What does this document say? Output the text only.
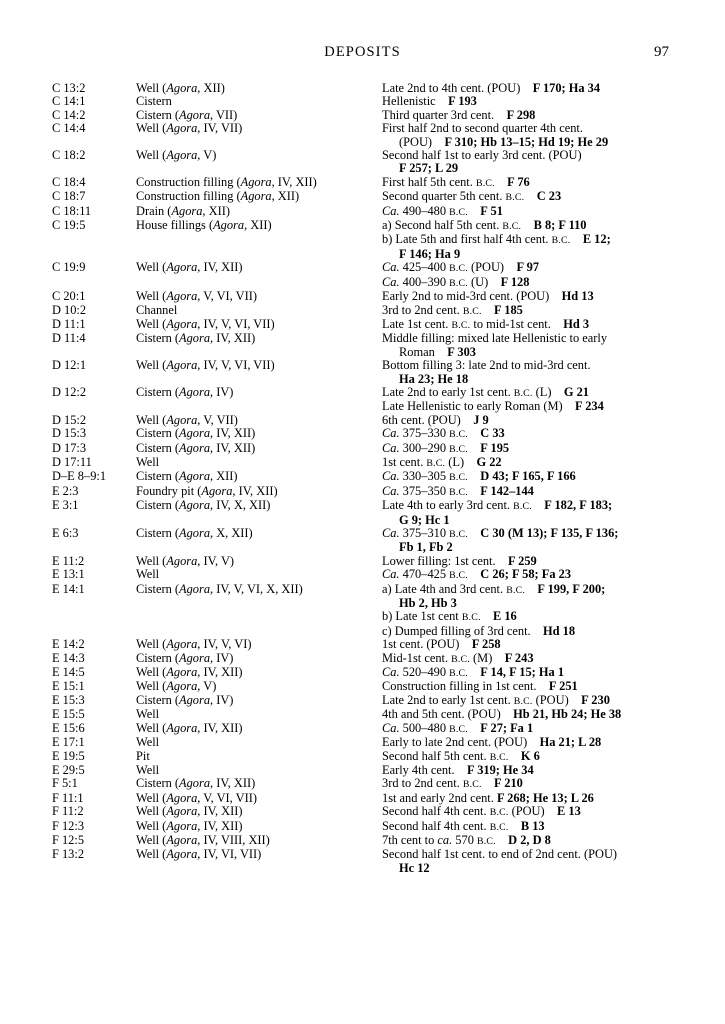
DEPOSITS	97
C 13:2	Well (Agora, XII)	Late 2nd to 4th cent. (POU) F 170; Ha 34
C 14:1	Cistern	Hellenistic F 193
C 14:2	Cistern (Agora, VII)	Third quarter 3rd cent. F 298
C 14:4	Well (Agora, IV, VII)	First half 2nd to second quarter 4th cent.
(POU) F 310; Hb 13–15; Hd 19; He 29
C 18:2	Well (Agora, V)	Second half 1st to early 3rd cent. (POU)
F 257; L 29
C 18:4	Construction filling (Agora, IV, XII)	First half 5th cent. B.C.  F 76
C 18:7	Construction filling (Agora, XII)	Second quarter 5th cent. B.C.  C 23
C 18:11	Drain (Agora, XII)	Ca. 490–480 B.C.  F 51
C 19:5	House fillings (Agora, XII)	a) Second half 5th cent. B.C.  B 8; F 110
b) Late 5th and first half 4th cent. B.C.  E 12;
F 146; Ha 9
C 19:9	Well (Agora, IV, XII)	Ca. 425–400 B.C. (POU) F 97
Ca. 400–390 B.C. (U) F 128
C 20:1	Well (Agora, V, VI, VII)	Early 2nd to mid-3rd cent. (POU) Hd 13
D 10:2	Channel	3rd to 2nd cent. B.C.  F 185
D 11:1	Well (Agora, IV, V, VI, VII)	Late 1st cent. B.C. to mid-1st cent. Hd 3
D 11:4	Cistern (Agora, IV, XII)	Middle filling: mixed late Hellenistic to early
Roman F 303
D 12:1	Well (Agora, IV, V, VI, VII)	Bottom filling 3: late 2nd to mid-3rd cent.
Ha 23; He 18
D 12:2	Cistern (Agora, IV)	Late 2nd to early 1st cent. B.C. (L) G 21
Late Hellenistic to early Roman (M) F 234
D 15:2	Well (Agora, V, VII)	6th cent. (POU) J 9
D 15:3	Cistern (Agora, IV, XII)	Ca. 375–330 B.C.  C 33
D 17:3	Cistern (Agora, IV, XII)	Ca. 300–290 B.C.  F 195
D 17:11	Well	1st cent. B.C. (L) G 22
D–E 8–9:1	Cistern (Agora, XII)	Ca. 330–305 B.C.  D 43; F 165, F 166
E 2:3	Foundry pit (Agora, IV, XII)	Ca. 375–350 B.C.  F 142–144
E 3:1	Cistern (Agora, IV, X, XII)	Late 4th to early 3rd cent. B.C.  F 182, F 183;
G 9; Hc 1
E 6:3	Cistern (Agora, X, XII)	Ca. 375–310 B.C.  C 30 (M 13); F 135, F 136;
Fb 1, Fb 2
E 11:2	Well (Agora, IV, V)	Lower filling: 1st cent. F 259
E 13:1	Well	Ca. 470–425 B.C.  C 26; F 58; Fa 23
E 14:1	Cistern (Agora, IV, V, VI, X, XII)	a) Late 4th and 3rd cent. B.C.  F 199, F 200;
Hb 2, Hb 3
b) Late 1st cent B.C.  E 16
c) Dumped filling of 3rd cent. Hd 18
E 14:2	Well (Agora, IV, V, VI)	1st cent. (POU) F 258
E 14:3	Cistern (Agora, IV)	Mid-1st cent. B.C. (M) F 243
E 14:5	Well (Agora, IV, XII)	Ca. 520–490 B.C.  F 14, F 15; Ha 1
E 15:1	Well (Agora, V)	Construction filling in 1st cent. F 251
E 15:3	Cistern (Agora, IV)	Late 2nd to early 1st cent. B.C. (POU) F 230
E 15:5	Well	4th and 5th cent. (POU) Hb 21, Hb 24; He 38
E 15:6	Well (Agora, IV, XII)	Ca. 500–480 B.C.  F 27; Fa 1
E 17:1	Well	Early to late 2nd cent. (POU) Ha 21; L 28
E 19:5	Pit	Second half 5th cent. B.C.  K 6
E 29:5	Well	Early 4th cent. F 319; He 34
F 5:1	Cistern (Agora, IV, XII)	3rd to 2nd cent. B.C.  F 210
F 11:1	Well (Agora, V, VI, VII)	1st and early 2nd cent. F 268; He 13; L 26
F 11:2	Well (Agora, IV, XII)	Second half 4th cent. B.C. (POU) E 13
F 12:3	Well (Agora, IV, XII)	Second half 4th cent. B.C.  B 13
F 12:5	Well (Agora, IV, VIII, XII)	7th cent to ca. 570 B.C.  D 2, D 8
F 13:2	Well (Agora, IV, VI, VII)	Second half 1st cent. to end of 2nd cent. (POU)
Hc 12
